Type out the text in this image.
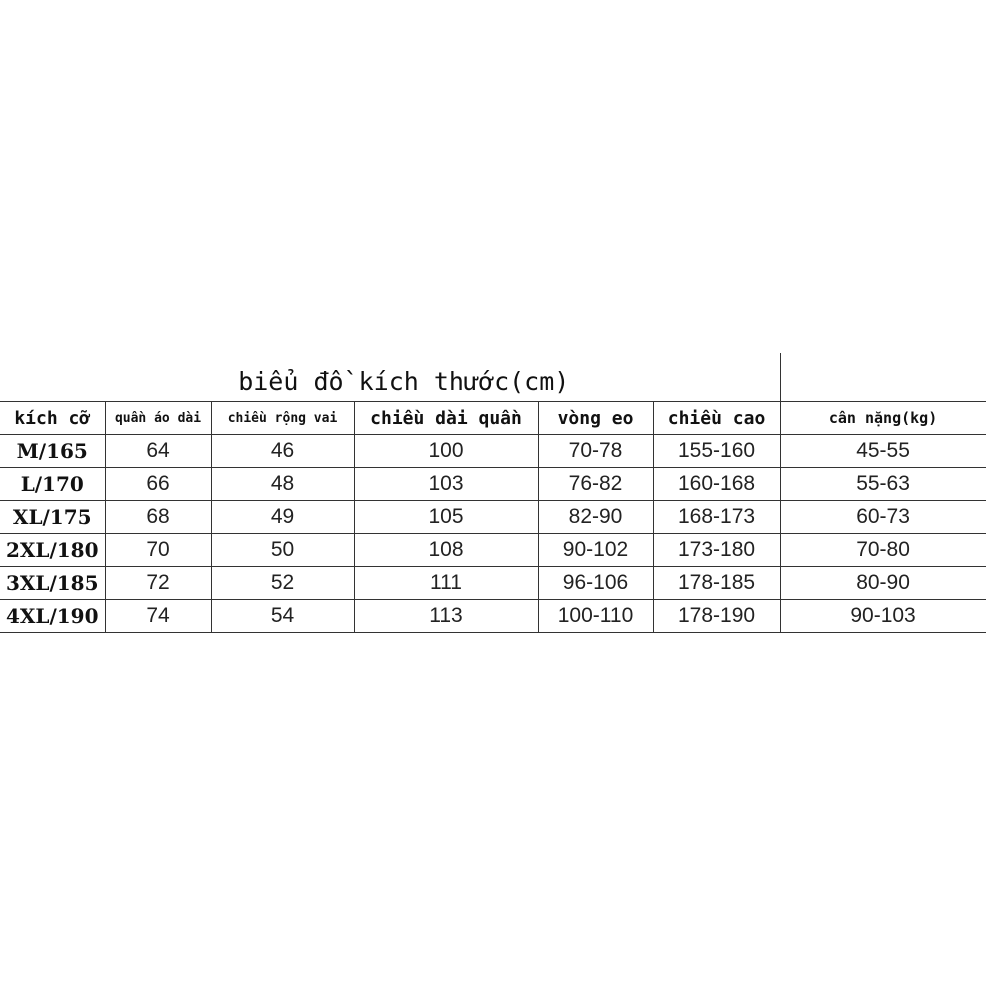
biểu đồ kích thước(cm)						
kích cỡ	quần áo dài	chiều rộng vai	chiều dài quần	vòng eo	chiều cao	cân nặng(kg)
M/165	64	46	100	70-78	155-160	45-55
L/170	66	48	103	76-82	160-168	55-63
XL/175	68	49	105	82-90	168-173	60-73
2XL/180	70	50	108	90-102	173-180	70-80
3XL/185	72	52	111	96-106	178-185	80-90
4XL/190	74	54	113	100-110	178-190	90-103
